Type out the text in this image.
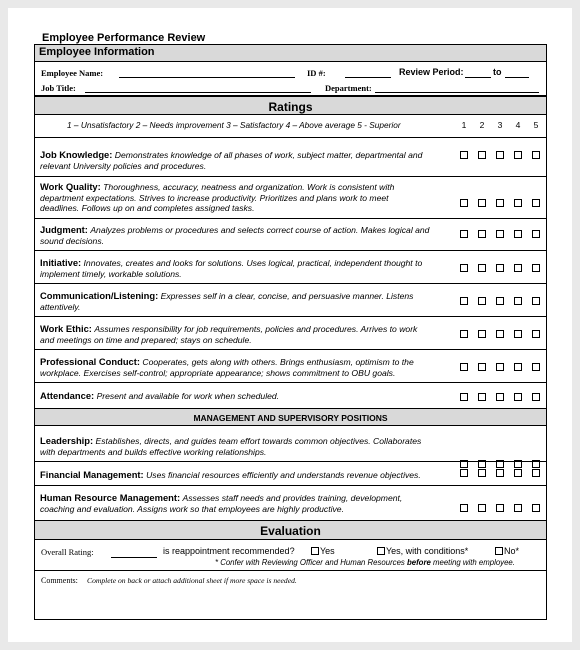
Employee Performance Review
Employee Information
Employee Name:	ID #:	Review Period:	to
Job Title:	Department:
Ratings
1 – Unsatisfactory 2 – Needs improvement 3 – Satisfactory 4 – Above average 5 - Superior	1	2	3	4	5
Job Knowledge: Demonstrates knowledge of all phases of work, subject matter, departmental and
relevant University policies and procedures.
Work Quality: Thoroughness, accuracy, neatness and organization. Work is consistent with
department expectations. Strives to increase productivity. Prioritizes and plans work to meet
deadlines. Follows up on and completes assigned tasks.
Judgment: Analyzes problems or procedures and selects correct course of action. Makes logical and
sound decisions.
Initiative: Innovates, creates and looks for solutions. Uses logical, practical, independent thought to
implement timely, workable solutions.
Communication/Listening: Expresses self in a clear, concise, and persuasive manner. Listens
attentively.
Work Ethic: Assumes responsibility for job requirements, policies and procedures. Arrives to work
and meetings on time and prepared; stays on schedule.
Professional Conduct: Cooperates, gets along with others. Brings enthusiasm, optimism to the
workplace. Exercises self-control; appropriate appearance; shows commitment to OBU goals.
Attendance: Present and available for work when scheduled.
MANAGEMENT AND SUPERVISORY POSITIONS
Leadership: Establishes, directs, and guides team effort towards common objectives. Collaborates
with departments and builds effective working relationships.
Financial Management: Uses financial resources efficiently and understands revenue objectives.
Human Resource Management: Assesses staff needs and provides training, development,
coaching and evaluation. Assigns work so that employees are highly productive.
Evaluation
Overall Rating:	is reappointment recommended?	Yes	Yes, with conditions*	No*
* Confer with Reviewing Officer and Human Resources before meeting with employee.
Comments: Complete on back or attach additional sheet if more space is needed.
